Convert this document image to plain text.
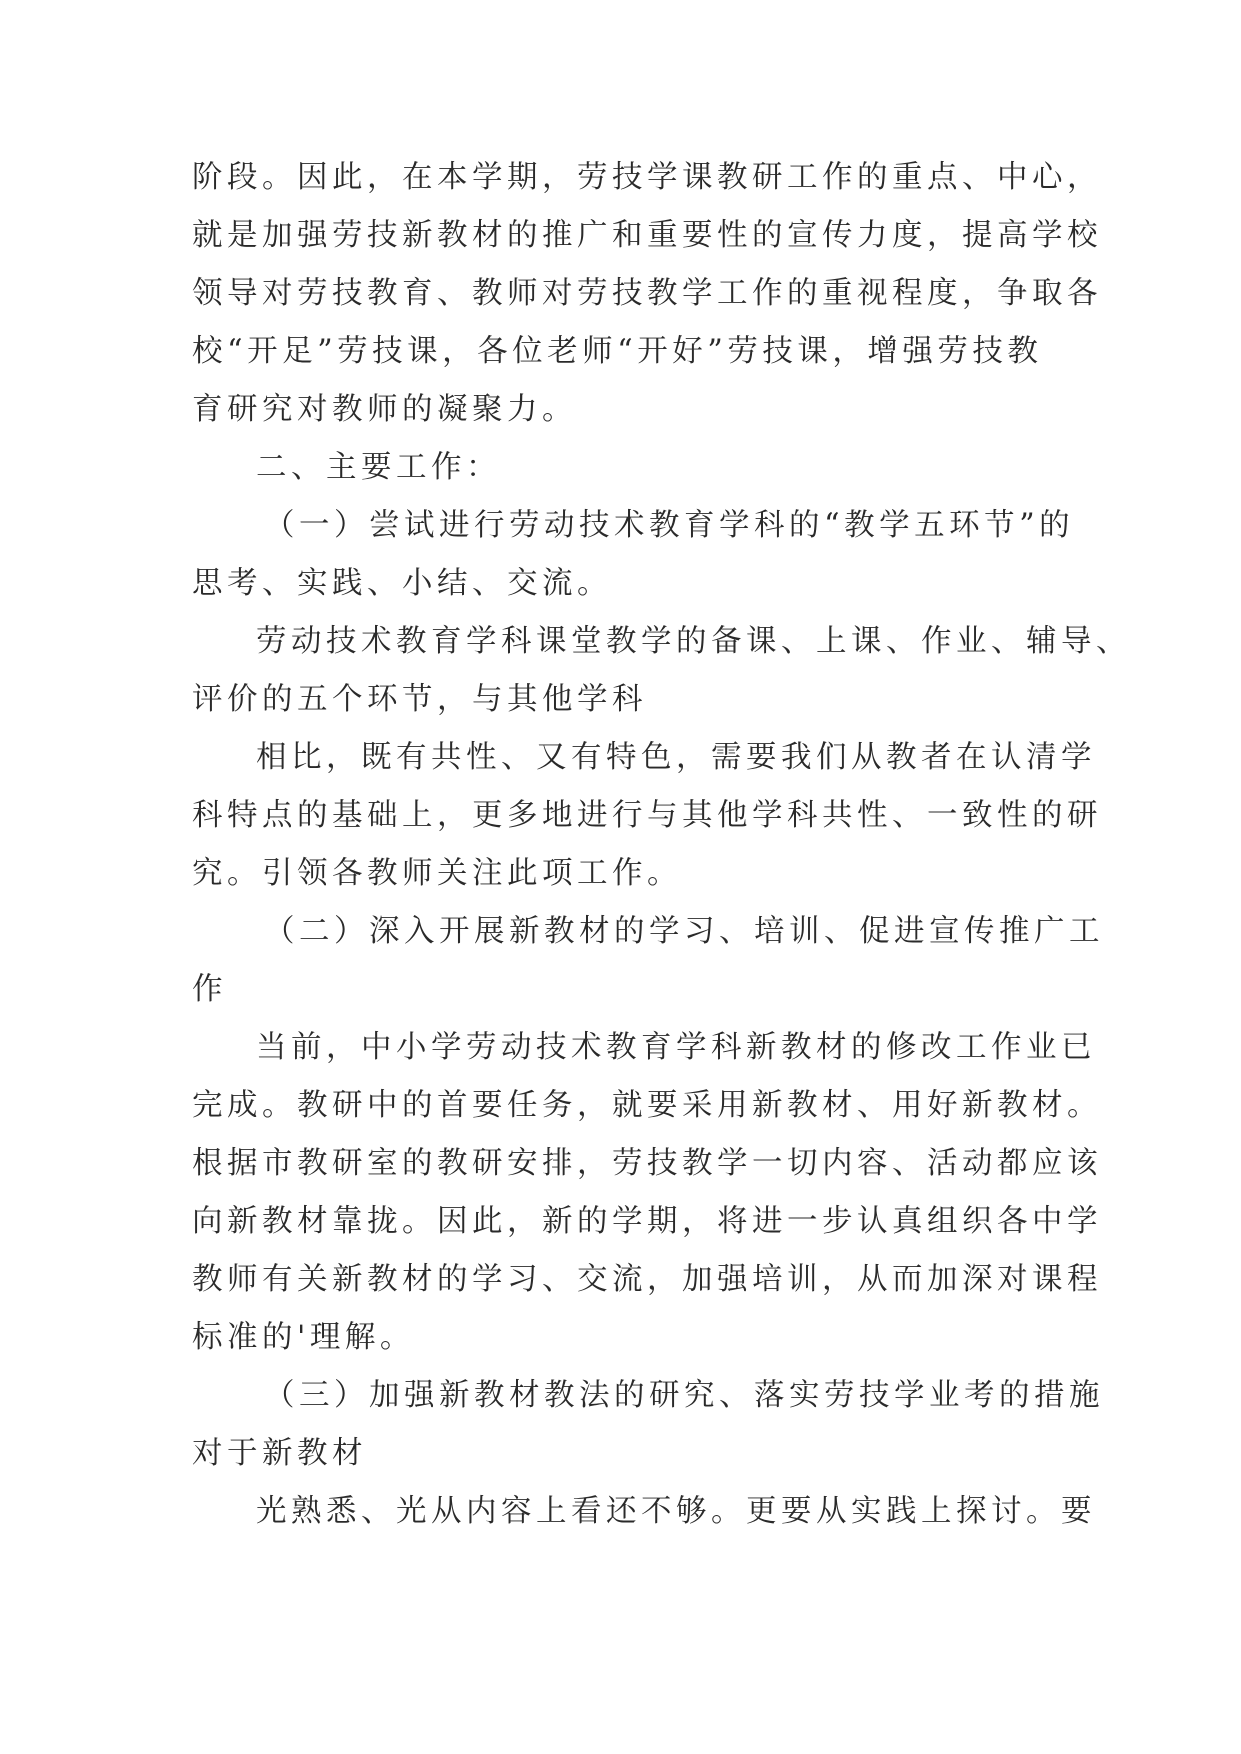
阶段。因此，在本学期，劳技学课教研工作的重点、中心，
就是加强劳技新教材的推广和重要性的宣传力度，提高学校
领导对劳技教育、教师对劳技教学工作的重视程度，争取各
校“开足”劳技课，各位老师“开好”劳技课，增强劳技教
育研究对教师的凝聚力。
二、主要工作：
（一）尝试进行劳动技术教育学科的“教学五环节”的
思考、实践、小结、交流。
劳动技术教育学科课堂教学的备课、上课、作业、辅导、
评价的五个环节，与其他学科
相比，既有共性、又有特色，需要我们从教者在认清学
科特点的基础上，更多地进行与其他学科共性、一致性的研
究。引领各教师关注此项工作。
（二）深入开展新教材的学习、培训、促进宣传推广工
作
当前，中小学劳动技术教育学科新教材的修改工作业已
完成。教研中的首要任务，就要采用新教材、用好新教材。
根据市教研室的教研安排，劳技教学一切内容、活动都应该
向新教材靠拢。因此，新的学期，将进一步认真组织各中学
教师有关新教材的学习、交流，加强培训，从而加深对课程
标准的'理解。
（三）加强新教材教法的研究、落实劳技学业考的措施
对于新教材
光熟悉、光从内容上看还不够。更要从实践上探讨。要
